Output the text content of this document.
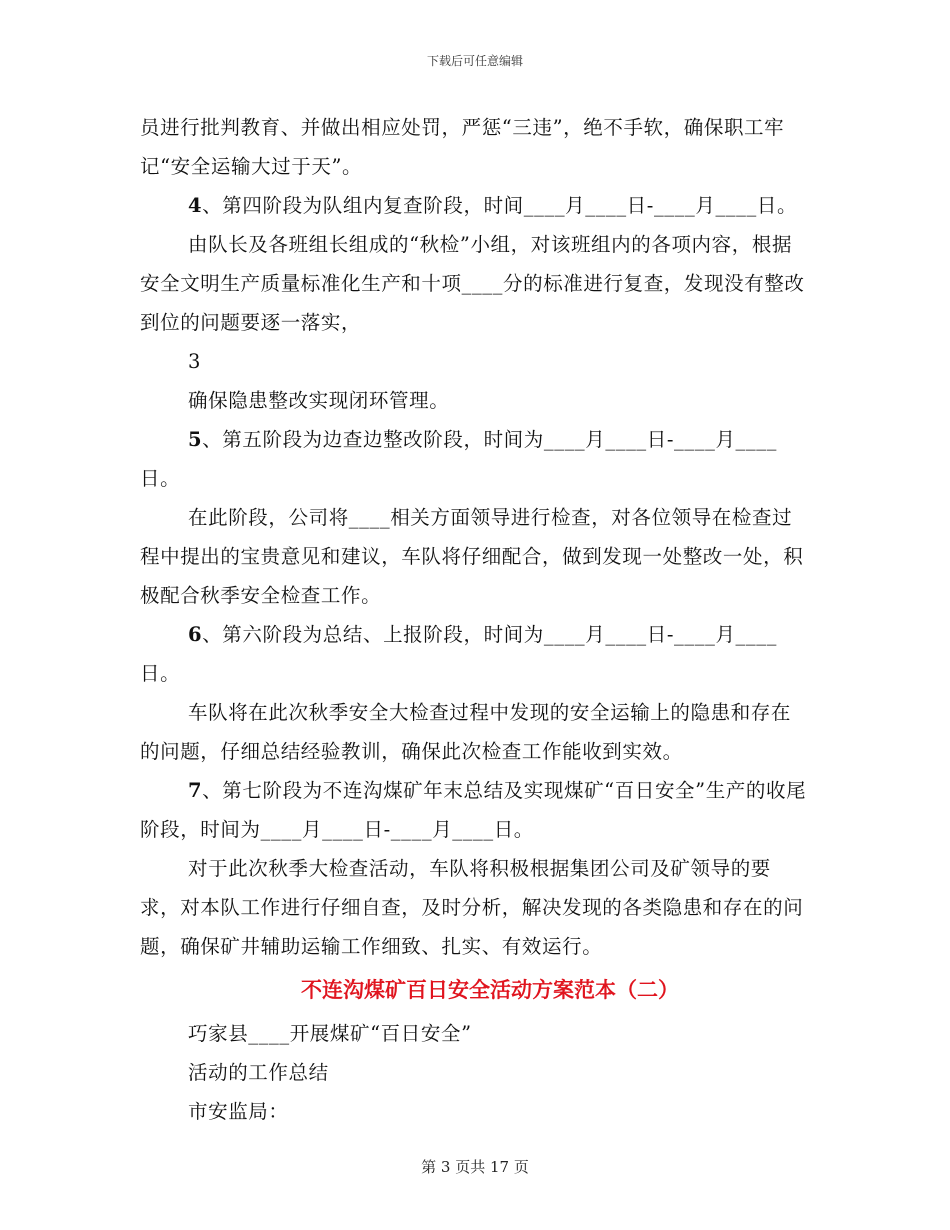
下载后可任意编辑

员进行批判教育、并做出相应处罚，严惩“三违”，绝不手软，确保职工牢记“安全运输大过于天”。

4、第四阶段为队组内复查阶段，时间____月____日-____月____日。

由队长及各班组长组成的“秋检”小组，对该班组内的各项内容，根据安全文明生产质量标准化生产和十项____分的标准进行复查，发现没有整改到位的问题要逐一落实，

3

确保隐患整改实现闭环管理。

5、第五阶段为边查边整改阶段，时间为____月____日-____月____日。

在此阶段，公司将____相关方面领导进行检查，对各位领导在检查过程中提出的宝贵意见和建议，车队将仔细配合，做到发现一处整改一处，积极配合秋季安全检查工作。

6、第六阶段为总结、上报阶段，时间为____月____日-____月____日。

车队将在此次秋季安全大检查过程中发现的安全运输上的隐患和存在的问题，仔细总结经验教训，确保此次检查工作能收到实效。

7、第七阶段为不连沟煤矿年末总结及实现煤矿“百日安全”生产的收尾阶段，时间为____月____日-____月____日。

对于此次秋季大检查活动，车队将积极根据集团公司及矿领导的要求，对本队工作进行仔细自查，及时分析，解决发现的各类隐患和存在的问题，确保矿井辅助运输工作细致、扎实、有效运行。

不连沟煤矿百日安全活动方案范本（二）

巧家县____开展煤矿“百日安全”

活动的工作总结

市安监局：

第 3 页共 17 页
